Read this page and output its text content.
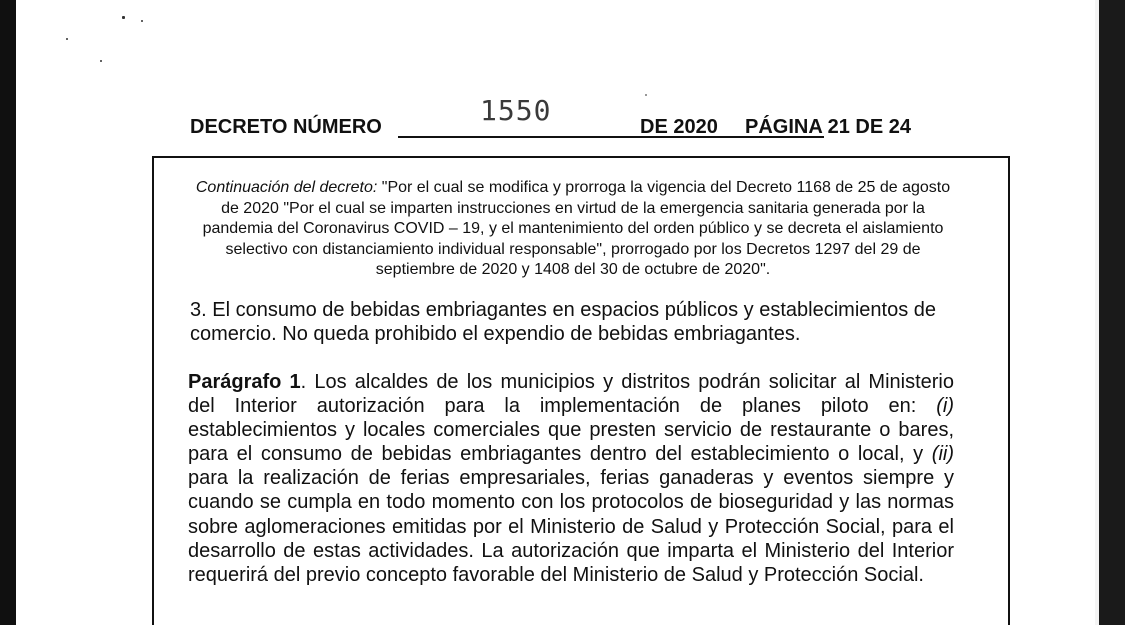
DECRETO NÚMERO	1550	DE 2020 PÁGINA 21 DE 24
Continuación del decreto: "Por el cual se modifica y prorroga la vigencia del Decreto 1168 de 25 de agosto de 2020 "Por el cual se imparten instrucciones en virtud de la emergencia sanitaria generada por la pandemia del Coronavirus COVID – 19, y el mantenimiento del orden público y se decreta el aislamiento selectivo con distanciamiento individual responsable", prorrogado por los Decretos 1297 del 29 de septiembre de 2020 y 1408 del 30 de octubre de 2020".
3. El consumo de bebidas embriagantes en espacios públicos y establecimientos de comercio. No queda prohibido el expendio de bebidas embriagantes.
Parágrafo 1. Los alcaldes de los municipios y distritos podrán solicitar al Ministerio del Interior autorización para la implementación de planes piloto en: (i) establecimientos y locales comerciales que presten servicio de restaurante o bares, para el consumo de bebidas embriagantes dentro del establecimiento o local, y (ii) para la realización de ferias empresariales, ferias ganaderas y eventos siempre y cuando se cumpla en todo momento con los protocolos de bioseguridad y las normas sobre aglomeraciones emitidas por el Ministerio de Salud y Protección Social, para el desarrollo de estas actividades. La autorización que imparta el Ministerio del Interior requerirá del previo concepto favorable del Ministerio de Salud y Protección Social.
